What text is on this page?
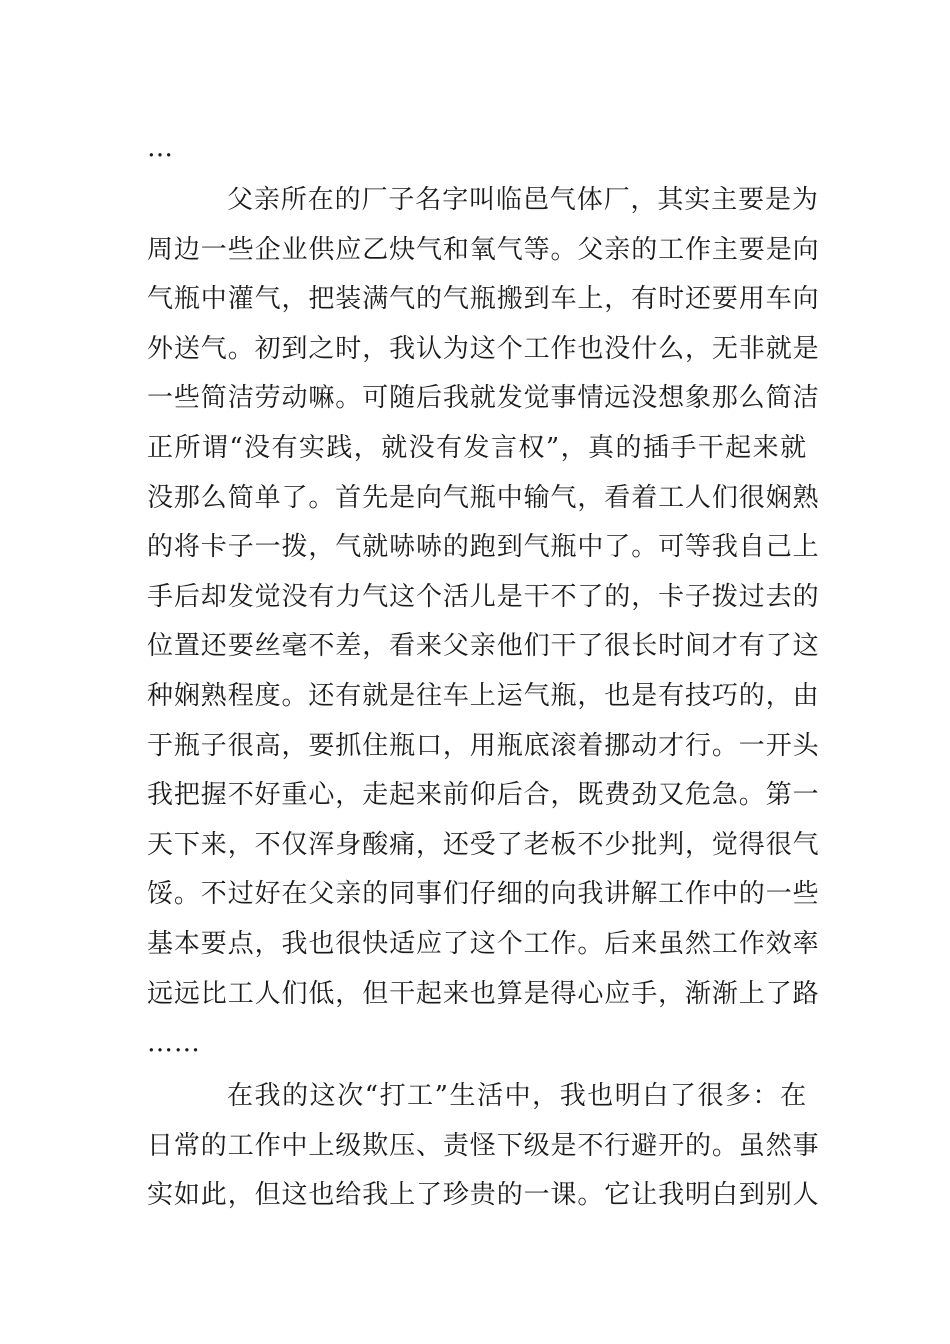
…
父亲所在的厂子名字叫临邑气体厂，其实主要是为
周边一些企业供应乙炔气和氧气等。父亲的工作主要是向
气瓶中灌气，把装满气的气瓶搬到车上，有时还要用车向
外送气。初到之时，我认为这个工作也没什么，无非就是
一些简洁劳动嘛。可随后我就发觉事情远没想象那么简洁
正所谓“没有实践，就没有发言权”，真的插手干起来就
没那么简单了。首先是向气瓶中输气，看着工人们很娴熟
的将卡子一拨，气就哧哧的跑到气瓶中了。可等我自己上
手后却发觉没有力气这个活儿是干不了的，卡子拨过去的
位置还要丝毫不差，看来父亲他们干了很长时间才有了这
种娴熟程度。还有就是往车上运气瓶，也是有技巧的，由
于瓶子很高，要抓住瓶口，用瓶底滚着挪动才行。一开头
我把握不好重心，走起来前仰后合，既费劲又危急。第一
天下来，不仅浑身酸痛，还受了老板不少批判，觉得很气
馁。不过好在父亲的同事们仔细的向我讲解工作中的一些
基本要点，我也很快适应了这个工作。后来虽然工作效率
远远比工人们低，但干起来也算是得心应手，渐渐上了路
……
在我的这次“打工”生活中，我也明白了很多：在
日常的工作中上级欺压、责怪下级是不行避开的。虽然事
实如此，但这也给我上了珍贵的一课。它让我明白到别人
